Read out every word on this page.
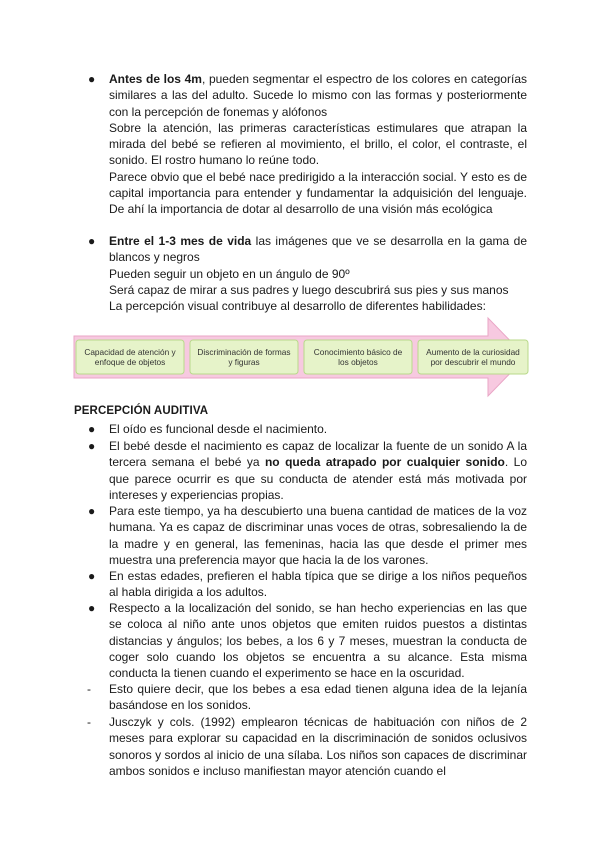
● Antes de los 4m, pueden segmentar el espectro de los colores en categorías similares a las del adulto. Sucede lo mismo con las formas y posteriormente con la percepción de fonemas y alófonos

Sobre la atención, las primeras características estimulares que atrapan la mirada del bebé se refieren al movimiento, el brillo, el color, el contraste, el sonido. El rostro humano lo reúne todo.

Parece obvio que el bebé nace predirigido a la interacción social. Y esto es de capital importancia para entender y fundamentar la adquisición del lenguaje. De ahí la importancia de dotar al desarrollo de una visión más ecológica

● Entre el 1-3 mes de vida las imágenes que ve se desarrolla en la gama de blancos y negros

Pueden seguir un objeto en un ángulo de 90º

Será capaz de mirar a sus padres y luego descubrirá sus pies y sus manos

La percepción visual contribuye al desarrollo de diferentes habilidades:

Capacidad de atención y
enfoque de objetos
Discriminación de formas
y figuras
Conocimiento básico de
los objetos
Aumento de la curiosidad
por descubrir el mundo
PERCEPCIÓN AUDITIVA
● El oído es funcional desde el nacimiento.

● El bebé desde el nacimiento es capaz de localizar la fuente de un sonido A la tercera semana el bebé ya no queda atrapado por cualquier sonido. Lo que parece ocurrir es que su conducta de atender está más motivada por intereses y experiencias propias.

● Para este tiempo, ya ha descubierto una buena cantidad de matices de la voz humana. Ya es capaz de discriminar unas voces de otras, sobresaliendo la de la madre y en general, las femeninas, hacia las que desde el primer mes muestra una preferencia mayor que hacia la de los varones.

● En estas edades, prefieren el habla típica que se dirige a los niños pequeños al habla dirigida a los adultos.

● Respecto a la localización del sonido, se han hecho experiencias en las que se coloca al niño ante unos objetos que emiten ruidos puestos a distintas distancias y ángulos; los bebes, a los 6 y 7 meses, muestran la conducta de coger solo cuando los objetos se encuentra a su alcance. Esta misma conducta la tienen cuando el experimento se hace en la oscuridad.

- Esto quiere decir, que los bebes a esa edad tienen alguna idea de la lejanía basándose en los sonidos.

- Jusczyk y cols. (1992) emplearon técnicas de habituación con niños de 2 meses para explorar su capacidad en la discriminación de sonidos oclusivos sonoros y sordos al inicio de una sílaba. Los niños son capaces de discriminar ambos sonidos e incluso manifiestan mayor atención cuando el
